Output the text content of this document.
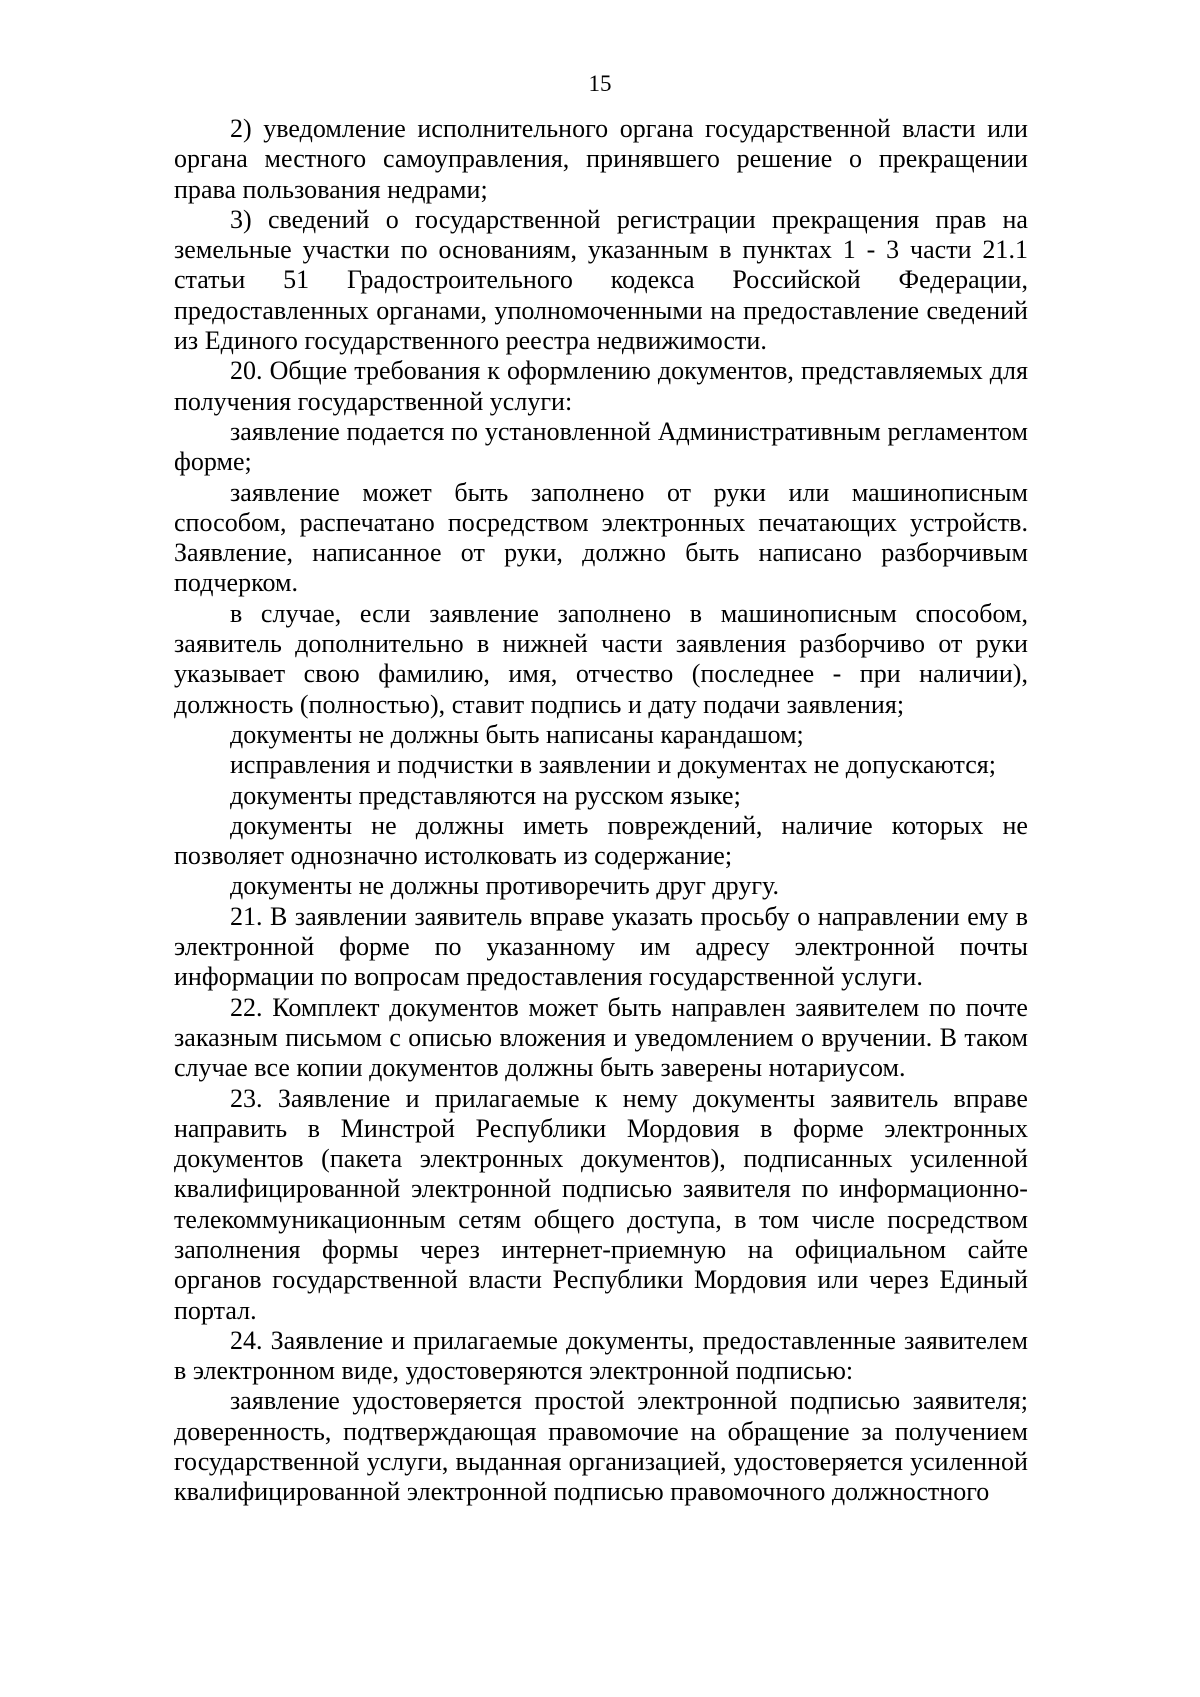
15

2) уведомление исполнительного органа государственной власти или органа местного самоуправления, принявшего решение о прекращении права пользования недрами;

3) сведений о государственной регистрации прекращения прав на земельные участки по основаниям, указанным в пунктах 1 - 3 части 21.1 статьи 51 Градостроительного кодекса Российской Федерации, предоставленных органами, уполномоченными на предоставление сведений из Единого государственного реестра недвижимости.

20. Общие требования к оформлению документов, представляемых для получения государственной услуги:

заявление подается по установленной Административным регламентом форме;

заявление может быть заполнено от руки или машинописным способом, распечатано посредством электронных печатающих устройств. Заявление, написанное от руки, должно быть написано разборчивым подчерком.

в случае, если заявление заполнено в машинописным способом, заявитель дополнительно в нижней части заявления разборчиво от руки указывает свою фамилию, имя, отчество (последнее - при наличии), должность (полностью), ставит подпись и дату подачи заявления;

документы не должны быть написаны карандашом;

исправления и подчистки в заявлении и документах не допускаются;

документы представляются на русском языке;

документы не должны иметь повреждений, наличие которых не позволяет однозначно истолковать из содержание;

документы не должны противоречить друг другу.

21. В заявлении заявитель вправе указать просьбу о направлении ему в электронной форме по указанному им адресу электронной почты информации по вопросам предоставления государственной услуги.

22. Комплект документов может быть направлен заявителем по почте заказным письмом с описью вложения и уведомлением о вручении. В таком случае все копии документов должны быть заверены нотариусом.

23. Заявление и прилагаемые к нему документы заявитель вправе направить в Минстрой Республики Мордовия в форме электронных документов (пакета электронных документов), подписанных усиленной квалифицированной электронной подписью заявителя по информационно-телекоммуникационным сетям общего доступа, в том числе посредством заполнения формы через интернет-приемную на официальном сайте органов государственной власти Республики Мордовия или через Единый портал.

24. Заявление и прилагаемые документы, предоставленные заявителем в электронном виде, удостоверяются электронной подписью:

заявление удостоверяется простой электронной подписью заявителя; доверенность, подтверждающая правомочие на обращение за получением государственной услуги, выданная организацией, удостоверяется усиленной квалифицированной электронной подписью правомочного должностного
